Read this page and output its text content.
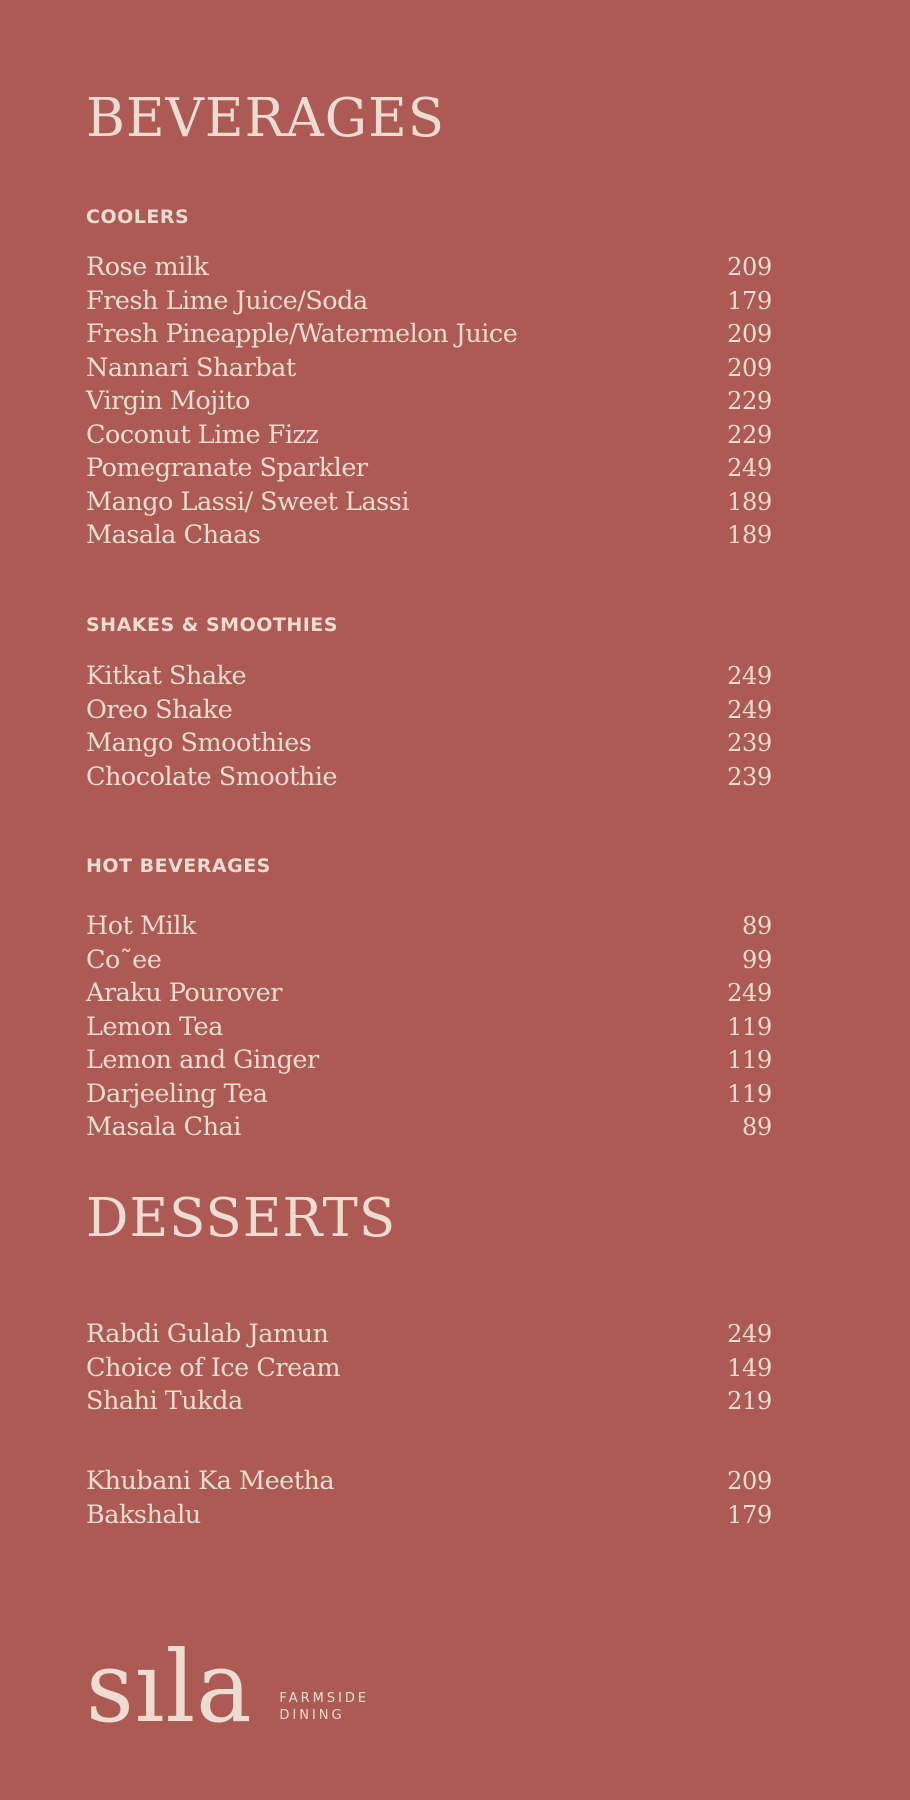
BEVERAGES
COOLERS
Rose milk	209
Fresh Lime Juice/Soda	179
Fresh Pineapple/Watermelon Juice	209
Nannari Sharbat	209
Virgin Mojito	229
Coconut Lime Fizz	229
Pomegranate Sparkler	249
Mango Lassi/ Sweet Lassi	189
Masala Chaas	189
SHAKES & SMOOTHIES
Kitkat Shake	249
Oreo Shake	249
Mango Smoothies	239
Chocolate Smoothie	239
HOT BEVERAGES
Hot Milk	89
Co˜ee	99
Araku Pourover	249
Lemon Tea	119
Lemon and Ginger	119
Darjeeling Tea	119
Masala Chai	89
DESSERTS
Rabdi Gulab Jamun	249
Choice of Ice Cream	149
Shahi Tukda	219
Khubani Ka Meetha	209
Bakshalu	179
sıla FARMSIDE
DINING
